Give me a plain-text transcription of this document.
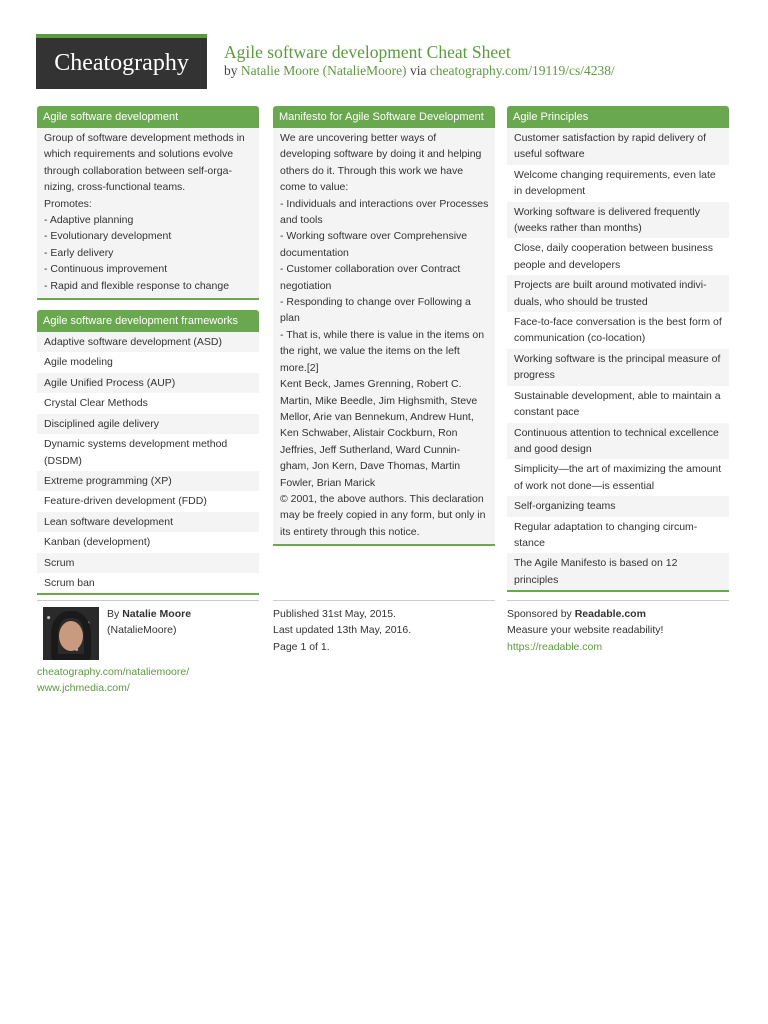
Cheatography Agile software development Cheat Sheet
by Natalie Moore (NatalieMoore) via cheatography.com/19119/cs/4238/
Agile software development
Group of software development methods in which requirements and solutions evolve through collaboration between self-orga-nizing, cross-functional teams.
Promotes:
- Adaptive planning
- Evolutionary development
- Early delivery
- Continuous improvement
- Rapid and flexible response to change
Agile software development frameworks
Adaptive software development (ASD)
Agile modeling
Agile Unified Process (AUP)
Crystal Clear Methods
Disciplined agile delivery
Dynamic systems development method (DSDM)
Extreme programming (XP)
Feature-driven development (FDD)
Lean software development
Kanban (development)
Scrum
Scrum ban
Manifesto for Agile Software Development
We are uncovering better ways of developing software by doing it and helping others do it. Through this work we have come to value:
- Individuals and interactions over Processes and tools
- Working software over Comprehensive documentation
- Customer collaboration over Contract negotiation
- Responding to change over Following a plan
- That is, while there is value in the items on the right, we value the items on the left more.[2]
Kent Beck, James Grenning, Robert C. Martin, Mike Beedle, Jim Highsmith, Steve Mellor, Arie van Bennekum, Andrew Hunt, Ken Schwaber, Alistair Cockburn, Ron Jeffries, Jeff Sutherland, Ward Cunnin-gham, Jon Kern, Dave Thomas, Martin Fowler, Brian Marick
© 2001, the above authors. This declaration may be freely copied in any form, but only in its entirety through this notice.
Agile Principles
Customer satisfaction by rapid delivery of useful software
Welcome changing requirements, even late in development
Working software is delivered frequently (weeks rather than months)
Close, daily cooperation between business people and developers
Projects are built around motivated indivi-duals, who should be trusted
Face-to-face conversation is the best form of communication (co-location)
Working software is the principal measure of progress
Sustainable development, able to maintain a constant pace
Continuous attention to technical excellence and good design
Simplicity—the art of maximizing the amount of work not done—is essential
Self-organizing teams
Regular adaptation to changing circum-stance
The Agile Manifesto is based on 12 principles
By Natalie Moore
(NatalieMoore)
cheatography.com/nataliemoore/
www.jchmedia.com/
Published 31st May, 2015.
Last updated 13th May, 2016.
Page 1 of 1.
Sponsored by Readable.com
Measure your website readability!
https://readable.com
